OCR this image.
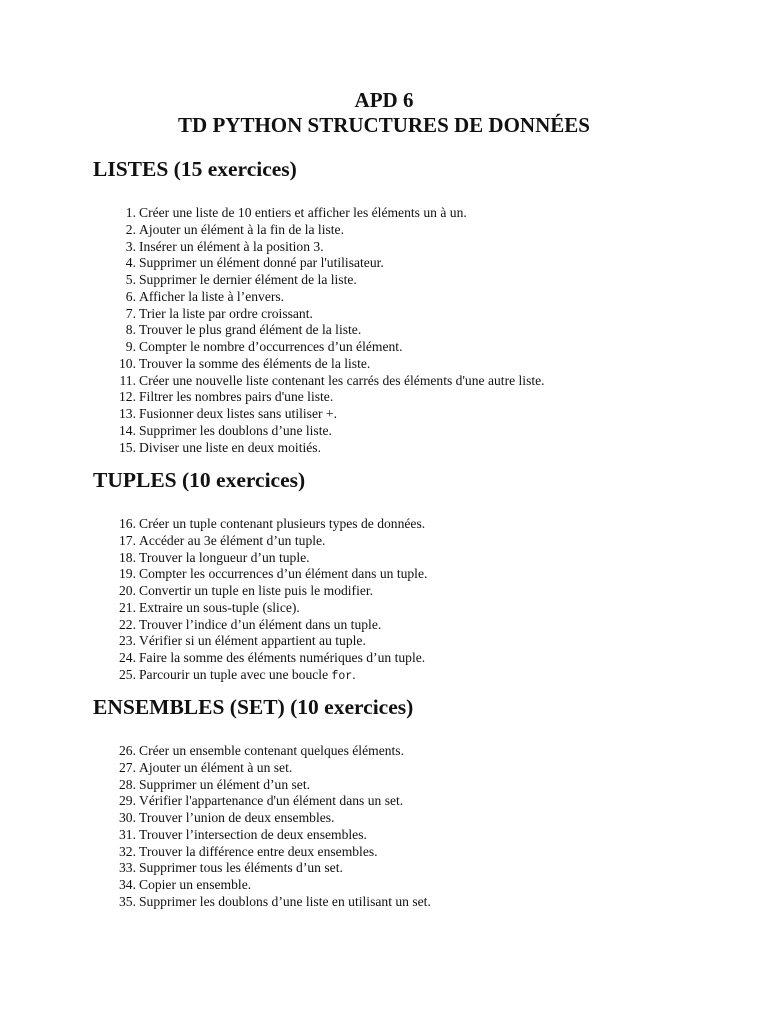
APD 6

TD PYTHON STRUCTURES DE DONNÉES

LISTES (15 exercices)
1 . Créer une liste de 10 entiers et afficher les éléments un à un.
2 . Ajouter un élément à la fin de la liste.
3 . Insérer un élément à la position 3.
4 . Supprimer un élément donné par l'utilisateur.
5 . Supprimer le dernier élément de la liste.
6 . Afficher la liste à l’envers.
7 . Trier la liste par ordre croissant.
8 . Trouver le plus grand élément de la liste.
9 . Compter le nombre d’occurrences d’un élément.
10 . Trouver la somme des éléments de la liste.
11 . Créer une nouvelle liste contenant les carrés des éléments d'une autre liste.
12 . Filtrer les nombres pairs d'une liste.
13 . Fusionner deux listes sans utiliser +.
14 . Supprimer les doublons d’une liste.
15 . Diviser une liste en deux moitiés.
TUPLES (10 exercices)
16 . Créer un tuple contenant plusieurs types de données.
17 . Accéder au 3e élément d’un tuple.
18 . Trouver la longueur d’un tuple.
19 . Compter les occurrences d’un élément dans un tuple.
20 . Convertir un tuple en liste puis le modifier.
21 . Extraire un sous-tuple (slice).
22 . Trouver l’indice d’un élément dans un tuple.
23 . Vérifier si un élément appartient au tuple.
24 . Faire la somme des éléments numériques d’un tuple.
25 . Parcourir un tuple avec une boucle for.
ENSEMBLES (SET) (10 exercices)
26 . Créer un ensemble contenant quelques éléments.
27 . Ajouter un élément à un set.
28 . Supprimer un élément d’un set.
29 . Vérifier l'appartenance d'un élément dans un set.
30 . Trouver l’union de deux ensembles.
31 . Trouver l’intersection de deux ensembles.
32 . Trouver la différence entre deux ensembles.
33 . Supprimer tous les éléments d’un set.
34 . Copier un ensemble.
35 . Supprimer les doublons d’une liste en utilisant un set.
